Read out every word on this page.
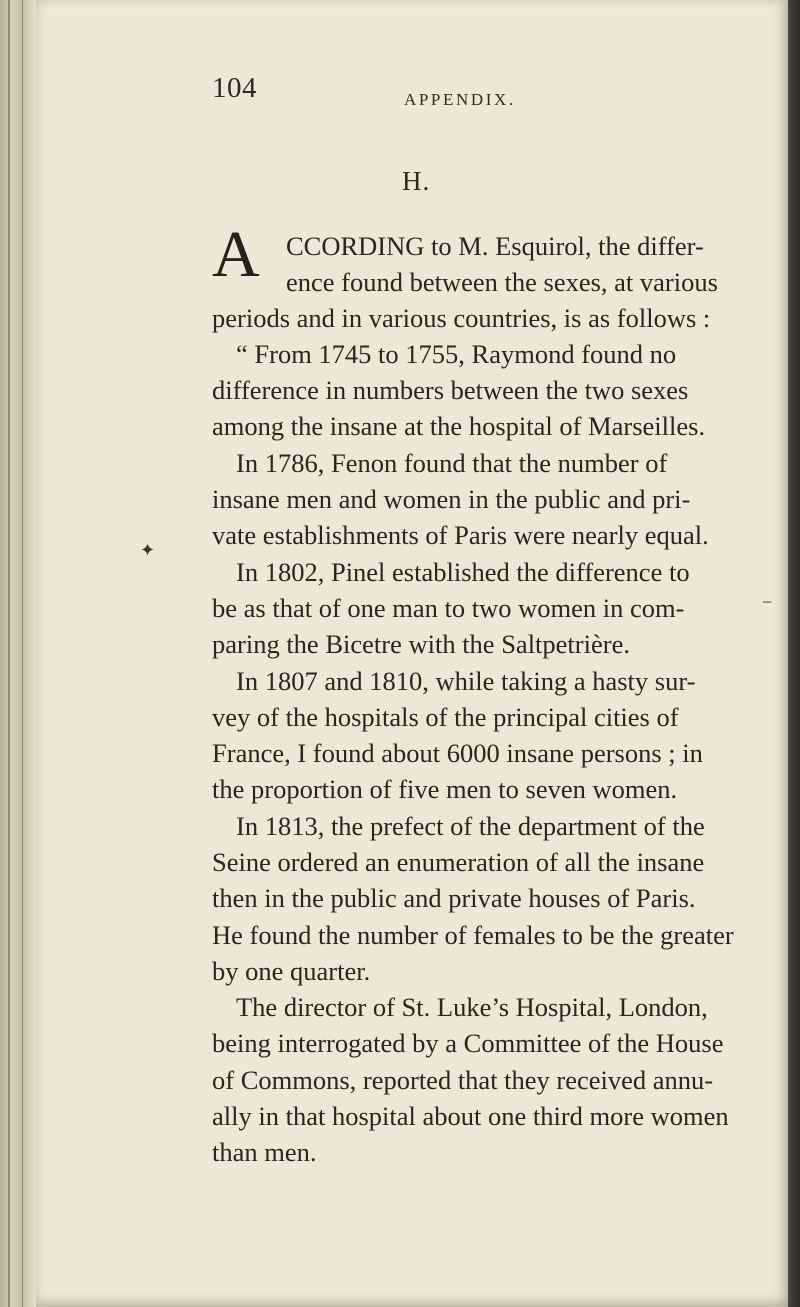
104	APPENDIX.
H.
A CCORDING to M. Esquirol, the differ-
ence found between the sexes, at various
periods and in various countries, is as follows :
“ From 1745 to 1755, Raymond found no
difference in numbers between the two sexes
among the insane at the hospital of Marseilles.
In 1786, Fenon found that the number of
insane men and women in the public and pri-
vate establishments of Paris were nearly equal.
In 1802, Pinel established the difference to
be as that of one man to two women in com-
paring the Bicetre with the Saltpetrière.
In 1807 and 1810, while taking a hasty sur-
vey of the hospitals of the principal cities of
France, I found about 6000 insane persons ; in
the proportion of five men to seven women.
In 1813, the prefect of the department of the
Seine ordered an enumeration of all the insane
then in the public and private houses of Paris.
He found the number of females to be the greater
by one quarter.
The director of St. Luke’s Hospital, London,
being interrogated by a Committee of the House
of Commons, reported that they received annu-
ally in that hospital about one third more women
than men.
✦
−
